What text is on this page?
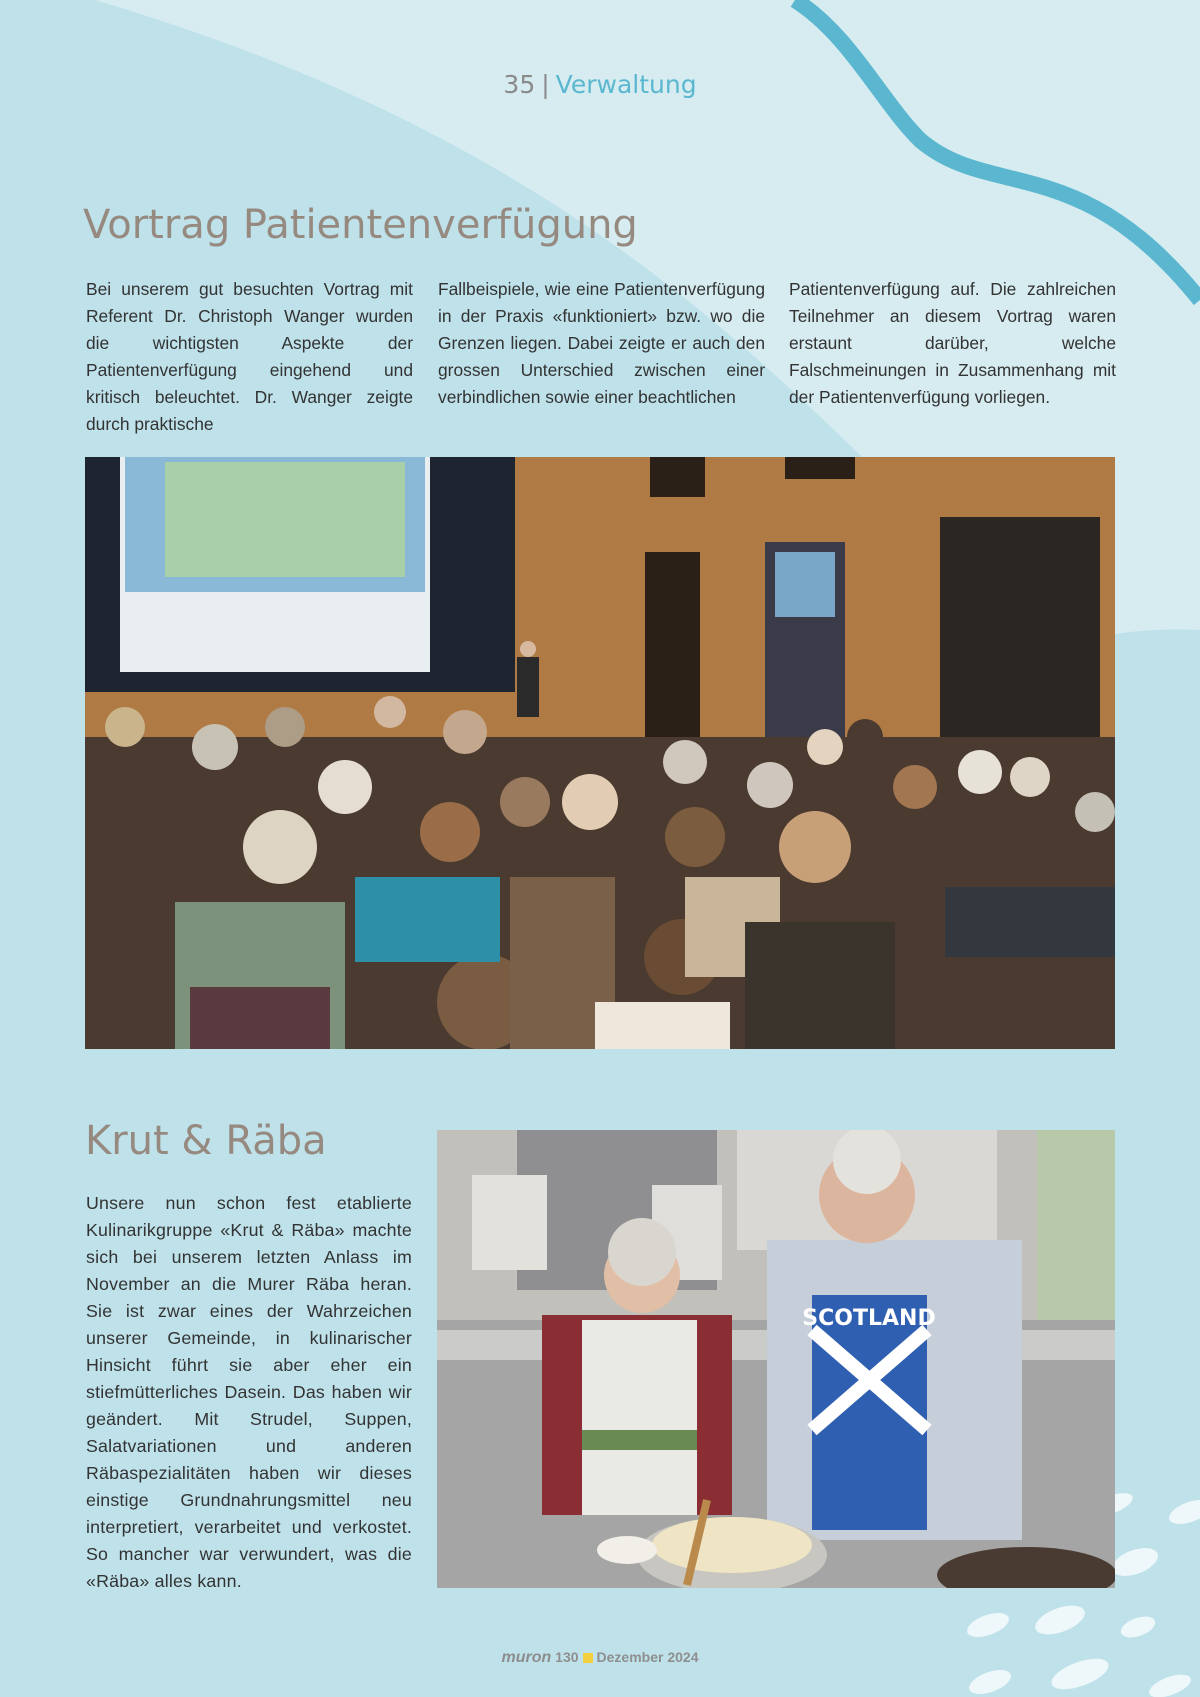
35 | Verwaltung
Vortrag Patientenverfügung
Bei unserem gut besuchten Vortrag mit Referent Dr. Christoph Wanger wurden die wichtigsten Aspekte der Patientenverfügung eingehend und kritisch beleuchtet. Dr. Wanger zeigte durch praktische
Fallbeispiele, wie eine Patientenverfügung in der Praxis «funktioniert» bzw. wo die Grenzen liegen. Dabei zeigte er auch den grossen Unterschied zwischen einer verbindlichen sowie einer beachtlichen
Patientenverfügung auf. Die zahlreichen Teilnehmer an diesem Vortrag waren erstaunt darüber, welche Falschmeinungen in Zusammenhang mit der Patientenverfügung vorliegen.
Krut & Räba
Unsere nun schon fest etablierte Kulinarikgruppe «Krut & Räba» machte sich bei unserem letzten Anlass im November an die Murer Räba heran. Sie ist zwar eines der Wahrzeichen unserer Gemeinde, in kulinarischer Hinsicht führt sie aber eher ein stiefmütterliches Dasein. Das haben wir geändert. Mit Strudel, Suppen, Salatvariationen und anderen Räbaspezialitäten haben wir dieses einstige Grundnahrungsmittel neu interpretiert, verarbeitet und verkostet. So mancher war verwundert, was die «Räba» alles kann.
SCOTLAND
muron 130 Dezember 2024
